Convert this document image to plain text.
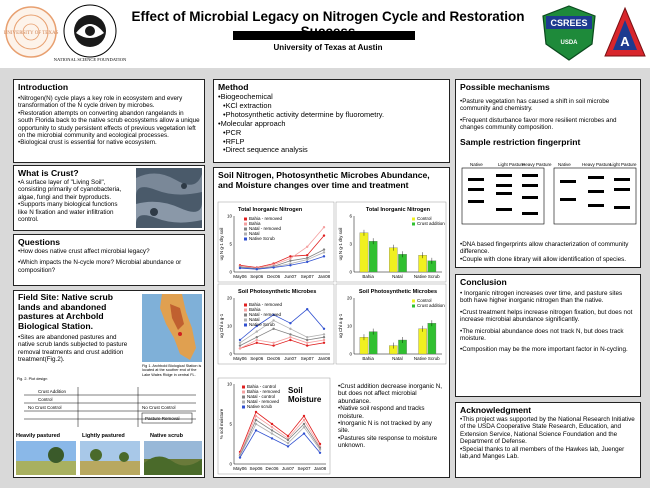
UNIVERSITY OF TEXAS
NATIONAL SCIENCE FOUNDATION
Effect of Microbial Legacy on Nitrogen Cycle and Restoration
University of Texas at Austin
CSREES
USDA	A
Introduction

•Nitrogen(N) cycle plays a key role in ecosystem and every transformation of the N cycle driven by microbes.

•Restoration attempts on converting abandon rangelands in south Florida back to the native scrub ecosystems allow a unique opportunity to study persistent effects of previous vegetation left on the microbial community and ecological processes.

•Biological crust is essential for native ecosystem.

What is Crust?

•A surface layer of "Living Soil", consisting primarily of cyanobacteria, algae, fungi and their byproducts.

•Supports many biological functions like N fixation and water infiltration control.

Questions

•How does native crust affect microbial legacy?

•Which impacts the N-cycle more? Microbial abundance or composition?

Field Site: Native scrub lands and abandoned pastures at Archbold Biological Station.

•Sites are abandoned pastures and native scrub lands subjected to pasture removal treatments and crust addition treatment(Fig.2).

Fig 1. Archbold Biological Station is located at the souther end of the Lake Wales Ridge in central FL.
Fig. 2. Plot design
Crust Addition
Control
No Crust Control	No Crust Control
Pasture Removal
Heavily pastured	Lightly pastured	Native scrub
Method

•Biogeochemical

•KCl extraction

•Photosynthetic activity determine by fluorometry.

•Molecular approach

•PCR

•RFLP

•Direct sequence analysis

Soil Nitrogen, Photosynthetic Microbes Abundance, and Moisture changes over time and treatment
Total Inorganic Nitrogen
0
5
10
May06 Sep06 Dec06 Jun07 Sep07 Jan08
ug N g-1 dry soil
Bahia - removed
Bahia
Natal - removed
Natal
Native Scrub
Total Inorganic Nitrogen
0
3
6
ug N g-1 dry soil
Bahia	Natal Native Scrub
Control
Crust addition
Soil Photosynthetic Microbes
0
10
20
May06 Sep06 Dec06 Jun07 Sep07 Jan08
ug Chl a g-1
Bahia - removed
Bahia
Natal - removed
Natal
Native Scrub
Soil Photosynthetic Microbes
0
10
20
ug Chl a g-1
Bahia	Natal Native Scrub
Control
Crust addition
0
5
10
May06 Sep06 Dec06 Jun07 Sep07 Jan08
% soil moisture
Bahia - control
Bahia - removed
Natal - control
Natal - removed
Native scrub
Soil Moisture

•Crust addition decrease inorganic N, but does not affect microbial abundance.

•Native soil respond and tracks moisture.

•Inorganic N is not tracked by any site.

•Pastures site response to moisture unknown.

Possible mechanisms

•Pasture vegetation has caused a shift in soil microbe community and chemistry.

•Frequent disturbance favor more resilient microbes and changes community composition.

Sample restriction fingerprint
Native	Light Pasture
Heavy Pasture Native Heavy Pasture
Light Pasture

•DNA based fingerprints allow characterization of community difference.

•Couple with clone library will allow identification of species.

Conclusion

• Inorganic nitrogen increases over time, and pasture sites both have higher inorganic nitrogen than the native.

•Crust treatment helps increase nitrogen fixation, but does not increase microbial abundance significantly.

•The microbial abundance does not track N, but does track moisture.

•Composition may be the more important factor in N-cycling.

Acknowledgment

•This project was supported by the National Research Initiative of the USDA Cooperative State Research, Education, and Extension Service, National Science Foundation and the Department of Defense.

•Special thanks to all members of the Hawkes lab, Juenger lab,and Manges Lab.
